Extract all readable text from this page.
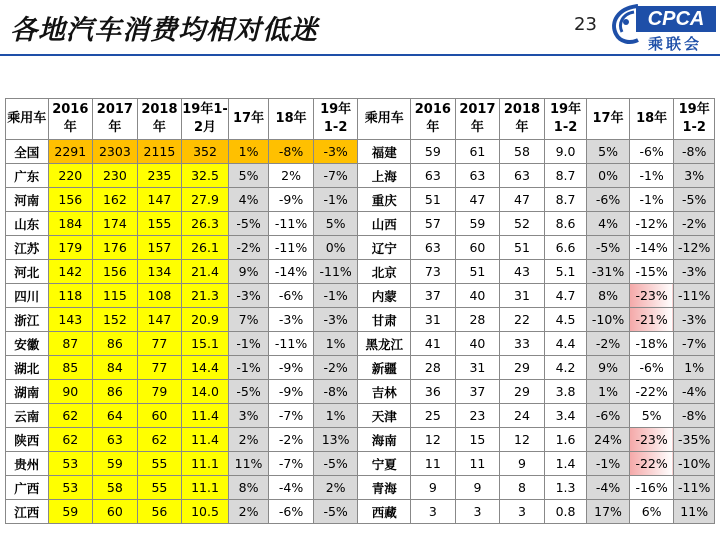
各地汽车消费均相对低迷	23	CPCA
乘联会
乘用车	2016年	2017年	2018年	19年1-2月	17年	18年	19年1-2	乘用车	2016年	2017年	2018年	19年1-2	17年	18年	19年1-2
全国	2291	2303	2115	352	1%	-8%	-3%	福建	59	61	58	9.0	5%	-6%	-8%
广东	220	230	235	32.5	5%	2%	-7%	上海	63	63	63	8.7	0%	-1%	3%
河南	156	162	147	27.9	4%	-9%	-1%	重庆	51	47	47	8.7	-6%	-1%	-5%
山东	184	174	155	26.3	-5%	-11%	5%	山西	57	59	52	8.6	4%	-12%	-2%
江苏	179	176	157	26.1	-2%	-11%	0%	辽宁	63	60	51	6.6	-5%	-14%	-12%
河北	142	156	134	21.4	9%	-14%	-11%	北京	73	51	43	5.1	-31%	-15%	-3%
四川	118	115	108	21.3	-3%	-6%	-1%	内蒙	37	40	31	4.7	8%	-23%	-11%
浙江	143	152	147	20.9	7%	-3%	-3%	甘肃	31	28	22	4.5	-10%	-21%	-3%
安徽	87	86	77	15.1	-1%	-11%	1%	黑龙江	41	40	33	4.4	-2%	-18%	-7%
湖北	85	84	77	14.4	-1%	-9%	-2%	新疆	28	31	29	4.2	9%	-6%	1%
湖南	90	86	79	14.0	-5%	-9%	-8%	吉林	36	37	29	3.8	1%	-22%	-4%
云南	62	64	60	11.4	3%	-7%	1%	天津	25	23	24	3.4	-6%	5%	-8%
陕西	62	63	62	11.4	2%	-2%	13%	海南	12	15	12	1.6	24%	-23%	-35%
贵州	53	59	55	11.1	11%	-7%	-5%	宁夏	11	11	9	1.4	-1%	-22%	-10%
广西	53	58	55	11.1	8%	-4%	2%	青海	9	9	8	1.3	-4%	-16%	-11%
江西	59	60	56	10.5	2%	-6%	-5%	西藏	3	3	3	0.8	17%	6%	11%
